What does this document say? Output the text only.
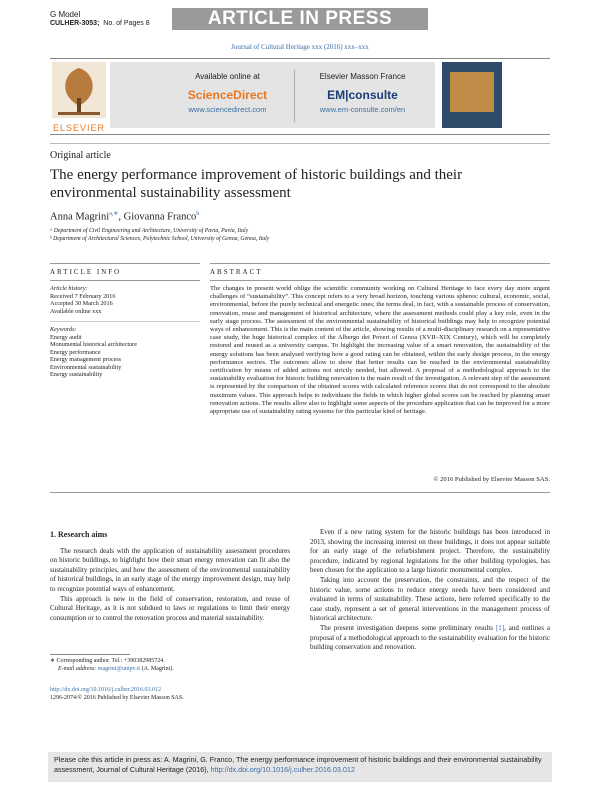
G Model
CULHER-3053; No. of Pages 8	ARTICLE IN PRESS
Journal of Cultural Heritage xxx (2016) xxx–xxx
ELSEVIER
Available online at
ScienceDirect
www.sciencedirect.com
Elsevier Masson France
EM|consulte
www.em-consulte.com/en
Original article
The energy performance improvement of historic buildings and their environmental sustainability assessment
Anna Magrini$^{a,∗}$, Giovanna Franco$^b$
ᵃ Department of Civil Engineering and Architecture, University of Pavia, Pavia, Italy
ᵇ Department of Architectural Sciences, Polytechnic School, University of Genoa, Genoa, Italy
ARTICLE INFO
Article history:
Received 7 February 2016
Accepted 30 March 2016
Available online xxx
Keywords:
Energy audit
Monumental historical architecture
Energy performance
Energy management process
Environmental sustainability
Energy sustainability
ABSTRACT
The changes in present world oblige the scientific community working on Cultural Heritage to face every day more urgent challenges of “sustainability”. This concept refers to a very broad horizon, touching various spheres: cultural, economic, social, environmental, before the purely technical and energetic ones; the terms deal, in fact, with a sustainable process of conservation, renovation, reuse and management of historical architecture, where the assessment methods could play a key role, even in the early stage process. The assessment of the environmental sustainability of historical buildings may help to recognize potential ways of enhancement. This is the main content of the article, showing results of a multi-disciplinary research on a representative case study, the huge historical complex of the Albergo dei Poveri of Genoa (XVII–XIX Century), which will be completely restored and reused as a university campus. To highlight the increasing value of a smart renovation, the sustainability of the energy solutions has been analysed verifying how a good rating can be obtained, within the early design process, in the energy performance sectors. The outcomes allow to show that better results can be reached in the environmental sustainability certification by means of added actions not strictly needed, but allowed. A proposal of a methodological approach to the sustainability evaluation for historic building renovation is the main result of the investigation. A relevant step of the assessment is represented by the comparison of the obtained scores with calculated reference scores that do not correspond to the absolute maximum values. This approach helps to individuate the fields in which higher global scores can be reached by planning smart renovation actions. The results allow also to highlight some aspects of the procedure application that can be improved for a more appropriate use of sustainability rating systems for this particular kind of heritage.
© 2016 Published by Elsevier Masson SAS.
1. Research aims

The research deals with the application of sustainability assessment procedures on historic buildings, to highlight how their smart energy renovation can fit also the sustainability principles, and how the assessment of the environmental sustainability of historical buildings, in an early stage of the energy improvement design, may help to recognize potential ways of enhancement.

This approach is new in the field of conservation, restoration, and reuse of Cultural Heritage, as it is not subdued to laws or regulations to limit their energy consumption or to control the renovation process and material sustainability.

Even if a new rating system for the historic buildings has been introduced in 2013, showing the increasing interest on these buildings, it does not appear suitable for an early stage of the refurbishment project. Therefore, the sustainability procedure, indicated by regional legislations for the other building typologies, has been chosen for the application to a large historic monumental complex.

Taking into account the preservation, the constraints, and the respect of the historic value, some actions to reduce energy needs have been considered and evaluated in terms of sustainability. These actions, here referred specifically to the case study, represent a set of general interventions in the management process of historical architecture.

The present investigation deepens some preliminary results [1], and outlines a proposal of a methodological approach to the sustainability evaluation for the historic building conservation and renovation.

∗ Corresponding author. Tel.: +390382985724.
E-mail address: magrini@unipv.it (A. Magrini).
http://dx.doi.org/10.1016/j.culher.2016.03.012
1296-2074/© 2016 Published by Elsevier Masson SAS.
Please cite this article in press as: A. Magrini, G. Franco, The energy performance improvement of historic buildings and their environmental sustainability assessment, Journal of Cultural Heritage (2016), http://dx.doi.org/10.1016/j.culher.2016.03.012
